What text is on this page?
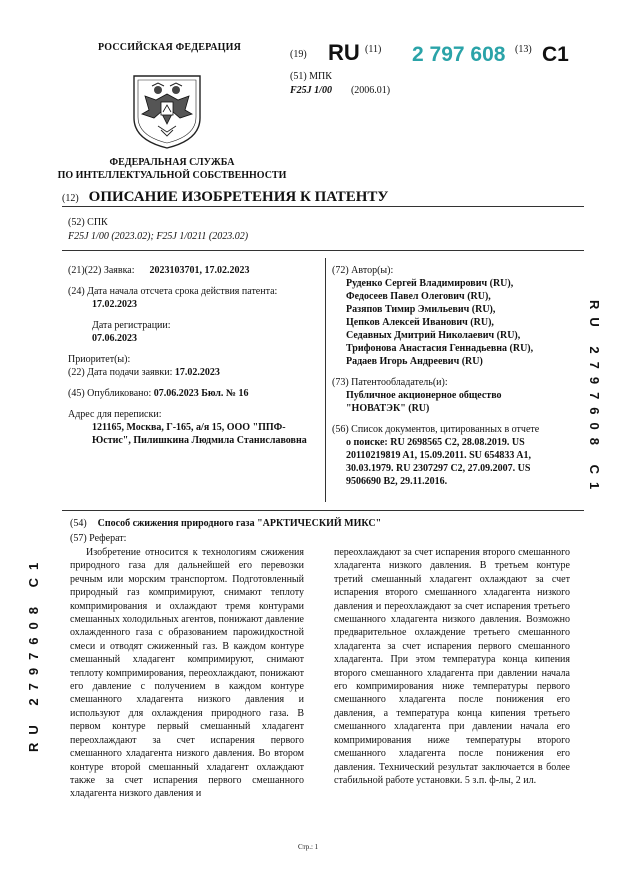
РОССИЙСКАЯ ФЕДЕРАЦИЯ
ФЕДЕРАЛЬНАЯ СЛУЖБА
ПО ИНТЕЛЛЕКТУАЛЬНОЙ СОБСТВЕННОСТИ
(19) RU (11) 2 797 608 (13) C1
(51) МПК
F25J 1/00 (2006.01)
(12) ОПИСАНИЕ ИЗОБРЕТЕНИЯ К ПАТЕНТУ
(52) СПК
F25J 1/00 (2023.02); F25J 1/0211 (2023.02)
(21)(22) Заявка: 2023103701, 17.02.2023
(24) Дата начала отсчета срока действия патента:
17.02.2023
Дата регистрации:
07.06.2023
Приоритет(ы):
(22) Дата подачи заявки: 17.02.2023
(45) Опубликовано: 07.06.2023 Бюл. № 16
Адрес для переписки:
121165, Москва, Г-165, а/я 15, ООО "ППФ-
Юстис", Пилишкина Людмила Станиславовна
(72) Автор(ы):
Руденко Сергей Владимирович (RU),
Федосеев Павел Олегович (RU),
Разяпов Тимир Эмильевич (RU),
Цепков Алексей Иванович (RU),
Седавных Дмитрий Николаевич (RU),
Трифонова Анастасия Геннадьевна (RU),
Радаев Игорь Андреевич (RU)
(73) Патентообладатель(и):
Публичное акционерное общество
"НОВАТЭК" (RU)
(56) Список документов, цитированных в отчете
о поиске: RU 2698565 C2, 28.08.2019. US
20110219819 A1, 15.09.2011. SU 654833 A1,
30.03.1979. RU 2307297 C2, 27.09.2007. US
9506690 B2, 29.11.2016.
RU 2797608 C1
RU 2797608 C1
(54) Способ сжижения природного газа "АРКТИЧЕСКИЙ МИКС"
(57) Реферат:
Изобретение относится к технологиям сжижения природного газа для дальнейшей его перевозки речным или морским транспортом. Подготовленный природный газ компримируют, снимают теплоту компримирования и охлаждают тремя контурами смешанных холодильных агентов, понижают давление охлажденного газа с образованием парожидкостной смеси и отводят сжиженный газ. В каждом контуре смешанный хладагент компримируют, снимают теплоту компримирования, переохлаждают, понижают его давление с получением в каждом контуре смешанного хладагента низкого давления и используют для охлаждения природного газа. В первом контуре первый смешанный хладагент переохлаждают за счет испарения первого смешанного хладагента низкого давления. Во втором контуре второй смешанный хладагент охлаждают также за счет испарения первого смешанного хладагента низкого давления и
переохлаждают за счет испарения второго смешанного хладагента низкого давления. В третьем контуре третий смешанный хладагент охлаждают за счет испарения второго смешанного хладагента низкого давления и переохлаждают за счет испарения третьего смешанного хладагента низкого давления. Возможно предварительное охлаждение третьего смешанного хладагента за счет испарения первого смешанного хладагента. При этом температура конца кипения второго смешанного хладагента при давлении начала его компримирования ниже температуры первого смешанного хладагента после понижения его давления, а температура конца кипения третьего смешанного хладагента при давлении начала его компримирования ниже температуры второго смешанного хладагента после понижения его давления. Технический результат заключается в более стабильной работе установки. 5 з.п. ф-лы, 2 ил.
Стр.: 1
